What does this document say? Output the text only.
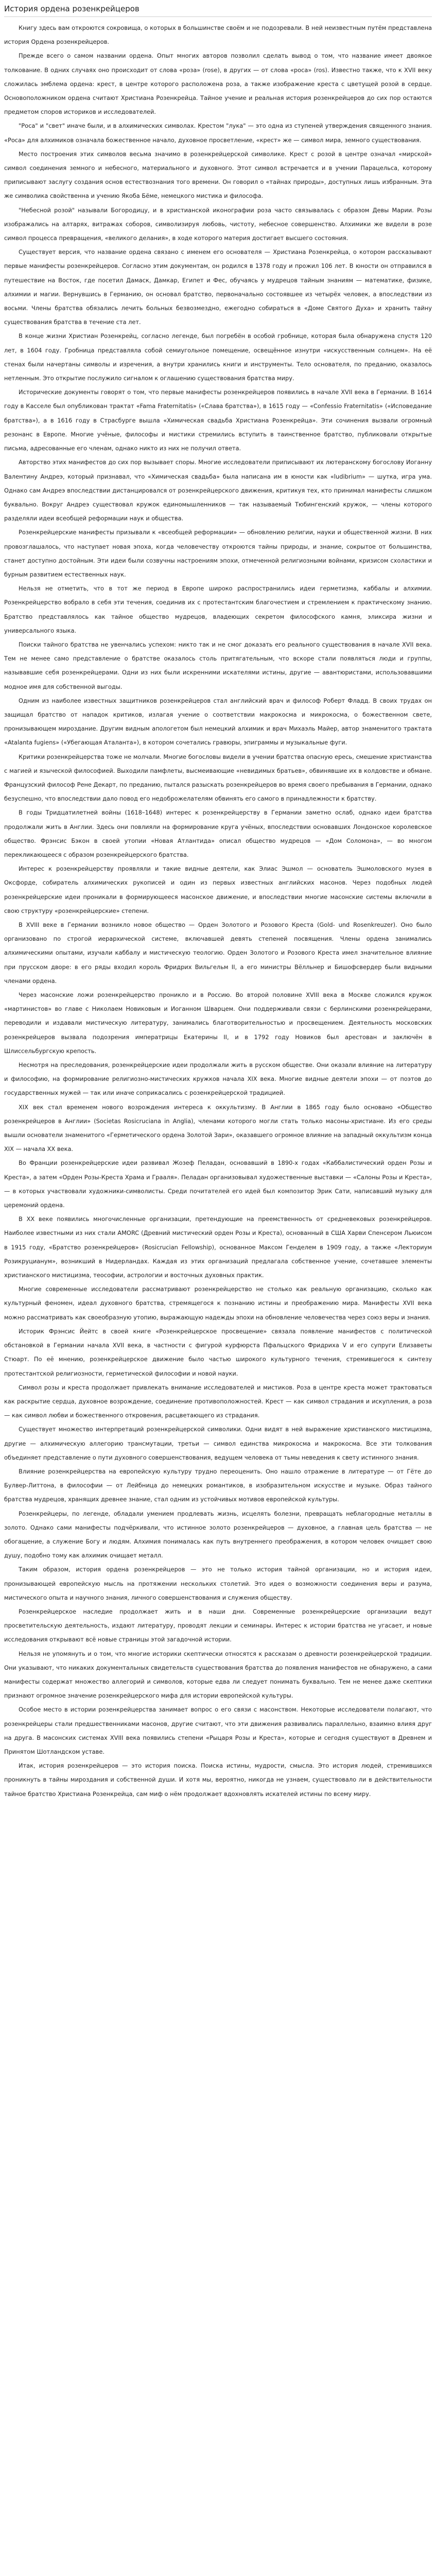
История ордена розенкрейцеров

Книгу здесь вам откроются сокровища, о которых в большинстве своём и не подозревали. В ней неизвестным путём представлена история Ордена розенкрейцеров.

Прежде всего о самом названии ордена. Опыт многих авторов позволил сделать вывод о том, что название имеет двоякое толкование. В одних случаях оно происходит от слова «роза» (rose), в других — от слова «роса» (ros). Известно также, что к XVII веку сложилась эмблема ордена: крест, в центре которого расположена роза, а также изображение креста с цветущей розой в сердце. Основоположником ордена считают Христиана Розенкрейца. Тайное учение и реальная история розенкрейцеров до сих пор остаются предметом споров историков и исследователей.

"Роса" и "свет" иначе были, и в алхимических символах. Крестом "лука" — это одна из ступеней утверждения священного знания. «Роса» для алхимиков означала божественное начало, духовное просветление, «крест» же — символ мира, земного существования.

Место построения этих символов весьма значимо в розенкрейцерской символике. Крест с розой в центре означал «мирской» символ соединения земного и небесного, материального и духовного. Этот символ встречается и в учении Парацельса, которому приписывают заслугу создания основ естествознания того времени. Он говорил о «тайнах природы», доступных лишь избранным. Эта же символика свойственна и учению Якоба Бёме, немецкого мистика и философа.

"Небесной розой" называли Богородицу, и в христианской иконографии роза часто связывалась с образом Девы Марии. Розы изображались на алтарях, витражах соборов, символизируя любовь, чистоту, небесное совершенство. Алхимики же видели в розе символ процесса превращения, «великого делания», в ходе которого материя достигает высшего состояния.

Существует версия, что название ордена связано с именем его основателя — Христиана Розенкрейца, о котором рассказывают первые манифесты розенкрейцеров. Согласно этим документам, он родился в 1378 году и прожил 106 лет. В юности он отправился в путешествие на Восток, где посетил Дамаск, Дамкар, Египет и Фес, обучаясь у мудрецов тайным знаниям — математике, физике, алхимии и магии. Вернувшись в Германию, он основал братство, первоначально состоявшее из четырёх человек, а впоследствии из восьми. Члены братства обязались лечить больных безвозмездно, ежегодно собираться в «Доме Святого Духа» и хранить тайну существования братства в течение ста лет.

В конце жизни Христиан Розенкрейц, согласно легенде, был погребён в особой гробнице, которая была обнаружена спустя 120 лет, в 1604 году. Гробница представляла собой семиугольное помещение, освещённое изнутри «искусственным солнцем». На её стенах были начертаны символы и изречения, а внутри хранились книги и инструменты. Тело основателя, по преданию, оказалось нетленным. Это открытие послужило сигналом к оглашению существования братства миру.

Исторические документы говорят о том, что первые манифесты розенкрейцеров появились в начале XVII века в Германии. В 1614 году в Касселе был опубликован трактат «Fama Fraternitatis» («Слава братства»), в 1615 году — «Confessio Fraternitatis» («Исповедание братства»), а в 1616 году в Страсбурге вышла «Химическая свадьба Христиана Розенкрейца». Эти сочинения вызвали огромный резонанс в Европе. Многие учёные, философы и мистики стремились вступить в таинственное братство, публиковали открытые письма, адресованные его членам, однако никто из них не получил ответа.

Авторство этих манифестов до сих пор вызывает споры. Многие исследователи приписывают их лютеранскому богослову Иоганну Валентину Андреэ, который признавал, что «Химическая свадьба» была написана им в юности как «ludibrium» — шутка, игра ума. Однако сам Андреэ впоследствии дистанцировался от розенкрейцерского движения, критикуя тех, кто принимал манифесты слишком буквально. Вокруг Андреэ существовал кружок единомышленников — так называемый Тюбингенский кружок, — члены которого разделяли идеи всеобщей реформации наук и общества.

Розенкрейцерские манифесты призывали к «всеобщей реформации» — обновлению религии, науки и общественной жизни. В них провозглашалось, что наступает новая эпоха, когда человечеству откроются тайны природы, и знание, сокрытое от большинства, станет доступно достойным. Эти идеи были созвучны настроениям эпохи, отмеченной религиозными войнами, кризисом схоластики и бурным развитием естественных наук.

Нельзя не отметить, что в тот же период в Европе широко распространились идеи герметизма, каббалы и алхимии. Розенкрейцерство вобрало в себя эти течения, соединив их с протестантским благочестием и стремлением к практическому знанию. Братство представлялось как тайное общество мудрецов, владеющих секретом философского камня, эликсира жизни и универсального языка.

Поиски тайного братства не увенчались успехом: никто так и не смог доказать его реального существования в начале XVII века. Тем не менее само представление о братстве оказалось столь притягательным, что вскоре стали появляться люди и группы, называвшие себя розенкрейцерами. Одни из них были искренними искателями истины, другие — авантюристами, использовавшими модное имя для собственной выгоды.

Одним из наиболее известных защитников розенкрейцеров стал английский врач и философ Роберт Фладд. В своих трудах он защищал братство от нападок критиков, излагая учение о соответствии макрокосма и микрокосма, о божественном свете, пронизывающем мироздание. Другим видным апологетом был немецкий алхимик и врач Михаэль Майер, автор знаменитого трактата «Atalanta fugiens» («Убегающая Аталанта»), в котором сочетались гравюры, эпиграммы и музыкальные фуги.

Критики розенкрейцерства тоже не молчали. Многие богословы видели в учении братства опасную ересь, смешение христианства с магией и языческой философией. Выходили памфлеты, высмеивающие «невидимых братьев», обвинявшие их в колдовстве и обмане. Французский философ Рене Декарт, по преданию, пытался разыскать розенкрейцеров во время своего пребывания в Германии, однако безуспешно, что впоследствии дало повод его недоброжелателям обвинять его самого в принадлежности к братству.

В годы Тридцатилетней войны (1618–1648) интерес к розенкрейцерству в Германии заметно ослаб, однако идеи братства продолжали жить в Англии. Здесь они повлияли на формирование круга учёных, впоследствии основавших Лондонское королевское общество. Фрэнсис Бэкон в своей утопии «Новая Атлантида» описал общество мудрецов — «Дом Соломона», — во многом перекликающееся с образом розенкрейцерского братства.

Интерес к розенкрейцерству проявляли и такие видные деятели, как Элиас Эшмол — основатель Эшмоловского музея в Оксфорде, собиратель алхимических рукописей и один из первых известных английских масонов. Через подобных людей розенкрейцерские идеи проникали в формирующееся масонское движение, и впоследствии многие масонские системы включили в свою структуру «розенкрейцерские» степени.

В XVIII веке в Германии возникло новое общество — Орден Золотого и Розового Креста (Gold- und Rosenkreuzer). Оно было организовано по строгой иерархической системе, включавшей девять степеней посвящения. Члены ордена занимались алхимическими опытами, изучали каббалу и мистическую теологию. Орден Золотого и Розового Креста имел значительное влияние при прусском дворе: в его ряды входил король Фридрих Вильгельм II, а его министры Вёлльнер и Бишофсвердер были видными членами ордена.

Через масонские ложи розенкрейцерство проникло и в Россию. Во второй половине XVIII века в Москве сложился кружок «мартинистов» во главе с Николаем Новиковым и Иоганном Шварцем. Они поддерживали связи с берлинскими розенкрейцерами, переводили и издавали мистическую литературу, занимались благотворительностью и просвещением. Деятельность московских розенкрейцеров вызвала подозрения императрицы Екатерины II, и в 1792 году Новиков был арестован и заключён в Шлиссельбургскую крепость.

Несмотря на преследования, розенкрейцерские идеи продолжали жить в русском обществе. Они оказали влияние на литературу и философию, на формирование религиозно-мистических кружков начала XIX века. Многие видные деятели эпохи — от поэтов до государственных мужей — так или иначе соприкасались с розенкрейцерской традицией.

XIX век стал временем нового возрождения интереса к оккультизму. В Англии в 1865 году было основано «Общество розенкрейцеров в Англии» (Societas Rosicruciana in Anglia), членами которого могли стать только масоны-христиане. Из его среды вышли основатели знаменитого «Герметического ордена Золотой Зари», оказавшего огромное влияние на западный оккультизм конца XIX — начала XX века.

Во Франции розенкрейцерские идеи развивал Жозеф Пеладан, основавший в 1890-х годах «Каббалистический орден Розы и Креста», а затем «Орден Розы-Креста Храма и Грааля». Пеладан организовывал художественные выставки — «Салоны Розы и Креста», — в которых участвовали художники-символисты. Среди почитателей его идей был композитор Эрик Сати, написавший музыку для церемоний ордена.

В XX веке появились многочисленные организации, претендующие на преемственность от средневековых розенкрейцеров. Наиболее известными из них стали AMORC (Древний мистический орден Розы и Креста), основанный в США Харви Спенсером Льюисом в 1915 году, «Братство розенкрейцеров» (Rosicrucian Fellowship), основанное Максом Генделем в 1909 году, а также «Лекториум Розикруцианум», возникший в Нидерландах. Каждая из этих организаций предлагала собственное учение, сочетавшее элементы христианского мистицизма, теософии, астрологии и восточных духовных практик.

Многие современные исследователи рассматривают розенкрейцерство не столько как реальную организацию, сколько как культурный феномен, идеал духовного братства, стремящегося к познанию истины и преображению мира. Манифесты XVII века можно рассматривать как своеобразную утопию, выражающую надежды эпохи на обновление человечества через союз веры и знания.

Историк Фрэнсис Йейтс в своей книге «Розенкрейцерское просвещение» связала появление манифестов с политической обстановкой в Германии начала XVII века, в частности с фигурой курфюрста Пфальцского Фридриха V и его супруги Елизаветы Стюарт. По её мнению, розенкрейцерское движение было частью широкого культурного течения, стремившегося к синтезу протестантской религиозности, герметической философии и новой науки.

Символ розы и креста продолжает привлекать внимание исследователей и мистиков. Роза в центре креста может трактоваться как раскрытие сердца, духовное возрождение, соединение противоположностей. Крест — как символ страдания и искупления, а роза — как символ любви и божественного откровения, расцветающего из страдания.

Существует множество интерпретаций розенкрейцерской символики. Одни видят в ней выражение христианского мистицизма, другие — алхимическую аллегорию трансмутации, третьи — символ единства микрокосма и макрокосма. Все эти толкования объединяет представление о пути духовного совершенствования, ведущем человека от тьмы неведения к свету истинного знания.

Влияние розенкрейцерства на европейскую культуру трудно переоценить. Оно нашло отражение в литературе — от Гёте до Булвер-Литтона, в философии — от Лейбница до немецких романтиков, в изобразительном искусстве и музыке. Образ тайного братства мудрецов, хранящих древнее знание, стал одним из устойчивых мотивов европейской культуры.

Розенкрейцеры, по легенде, обладали умением продлевать жизнь, исцелять болезни, превращать неблагородные металлы в золото. Однако сами манифесты подчёркивали, что истинное золото розенкрейцеров — духовное, а главная цель братства — не обогащение, а служение Богу и людям. Алхимия понималась как путь внутреннего преображения, в котором человек очищает свою душу, подобно тому как алхимик очищает металл.

Таким образом, история ордена розенкрейцеров — это не только история тайной организации, но и история идеи, пронизывающей европейскую мысль на протяжении нескольких столетий. Это идея о возможности соединения веры и разума, мистического опыта и научного знания, личного совершенствования и служения обществу.

Розенкрейцерское наследие продолжает жить и в наши дни. Современные розенкрейцерские организации ведут просветительскую деятельность, издают литературу, проводят лекции и семинары. Интерес к истории братства не угасает, и новые исследования открывают всё новые страницы этой загадочной истории.

Нельзя не упомянуть и о том, что многие историки скептически относятся к рассказам о древности розенкрейцерской традиции. Они указывают, что никаких документальных свидетельств существования братства до появления манифестов не обнаружено, а сами манифесты содержат множество аллегорий и символов, которые едва ли следует понимать буквально. Тем не менее даже скептики признают огромное значение розенкрейцерского мифа для истории европейской культуры.

Особое место в истории розенкрейцерства занимает вопрос о его связи с масонством. Некоторые исследователи полагают, что розенкрейцеры стали предшественниками масонов, другие считают, что эти движения развивались параллельно, взаимно влияя друг на друга. В масонских системах XVIII века появились степени «Рыцаря Розы и Креста», которые и сегодня существуют в Древнем и Принятом Шотландском уставе.

Итак, история розенкрейцеров — это история поиска. Поиска истины, мудрости, смысла. Это история людей, стремившихся проникнуть в тайны мироздания и собственной души. И хотя мы, вероятно, никогда не узнаем, существовало ли в действительности тайное братство Христиана Розенкрейца, сам миф о нём продолжает вдохновлять искателей истины по всему миру.
